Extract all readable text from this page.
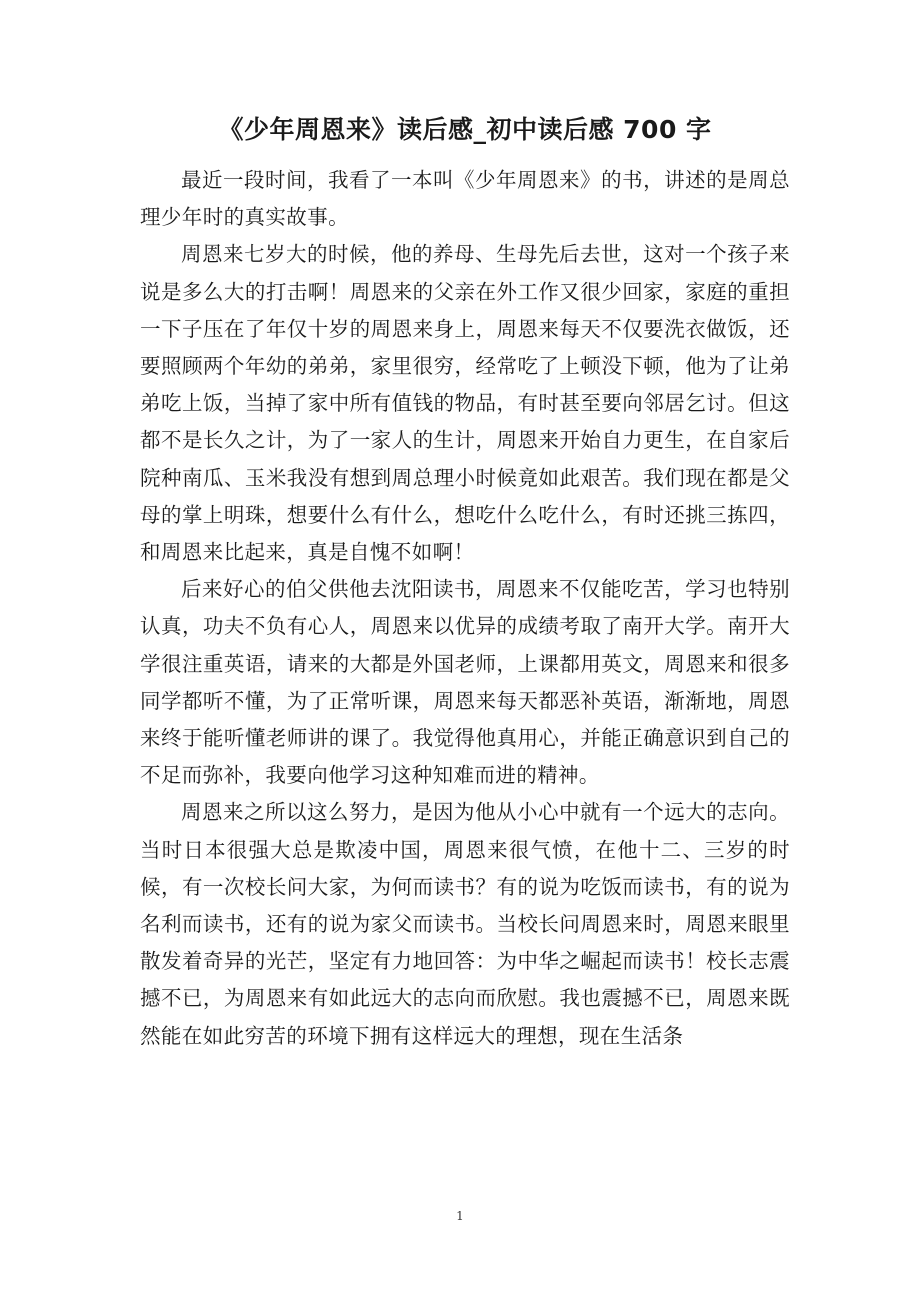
《少年周恩来》读后感_初中读后感 700 字

最近一段时间，我看了一本叫《少年周恩来》的书，讲述的是周总理少年时的真实故事。

周恩来七岁大的时候，他的养母、生母先后去世，这对一个孩子来说是多么大的打击啊！周恩来的父亲在外工作又很少回家，家庭的重担一下子压在了年仅十岁的周恩来身上，周恩来每天不仅要洗衣做饭，还要照顾两个年幼的弟弟，家里很穷，经常吃了上顿没下顿，他为了让弟弟吃上饭，当掉了家中所有值钱的物品，有时甚至要向邻居乞讨。但这都不是长久之计，为了一家人的生计，周恩来开始自力更生，在自家后院种南瓜、玉米我没有想到周总理小时候竟如此艰苦。我们现在都是父母的掌上明珠，想要什么有什么，想吃什么吃什么，有时还挑三拣四，和周恩来比起来，真是自愧不如啊！

后来好心的伯父供他去沈阳读书，周恩来不仅能吃苦，学习也特别认真，功夫不负有心人，周恩来以优异的成绩考取了南开大学。南开大学很注重英语，请来的大都是外国老师，上课都用英文，周恩来和很多同学都听不懂，为了正常听课，周恩来每天都恶补英语，渐渐地，周恩来终于能听懂老师讲的课了。我觉得他真用心，并能正确意识到自己的不足而弥补，我要向他学习这种知难而进的精神。

周恩来之所以这么努力，是因为他从小心中就有一个远大的志向。当时日本很强大总是欺凌中国，周恩来很气愤，在他十二、三岁的时候，有一次校长问大家，为何而读书？有的说为吃饭而读书，有的说为名利而读书，还有的说为家父而读书。当校长问周恩来时，周恩来眼里散发着奇异的光芒，坚定有力地回答：为中华之崛起而读书！校长志震撼不已，为周恩来有如此远大的志向而欣慰。我也震撼不已，周恩来既然能在如此穷苦的环境下拥有这样远大的理想，现在生活条

1
